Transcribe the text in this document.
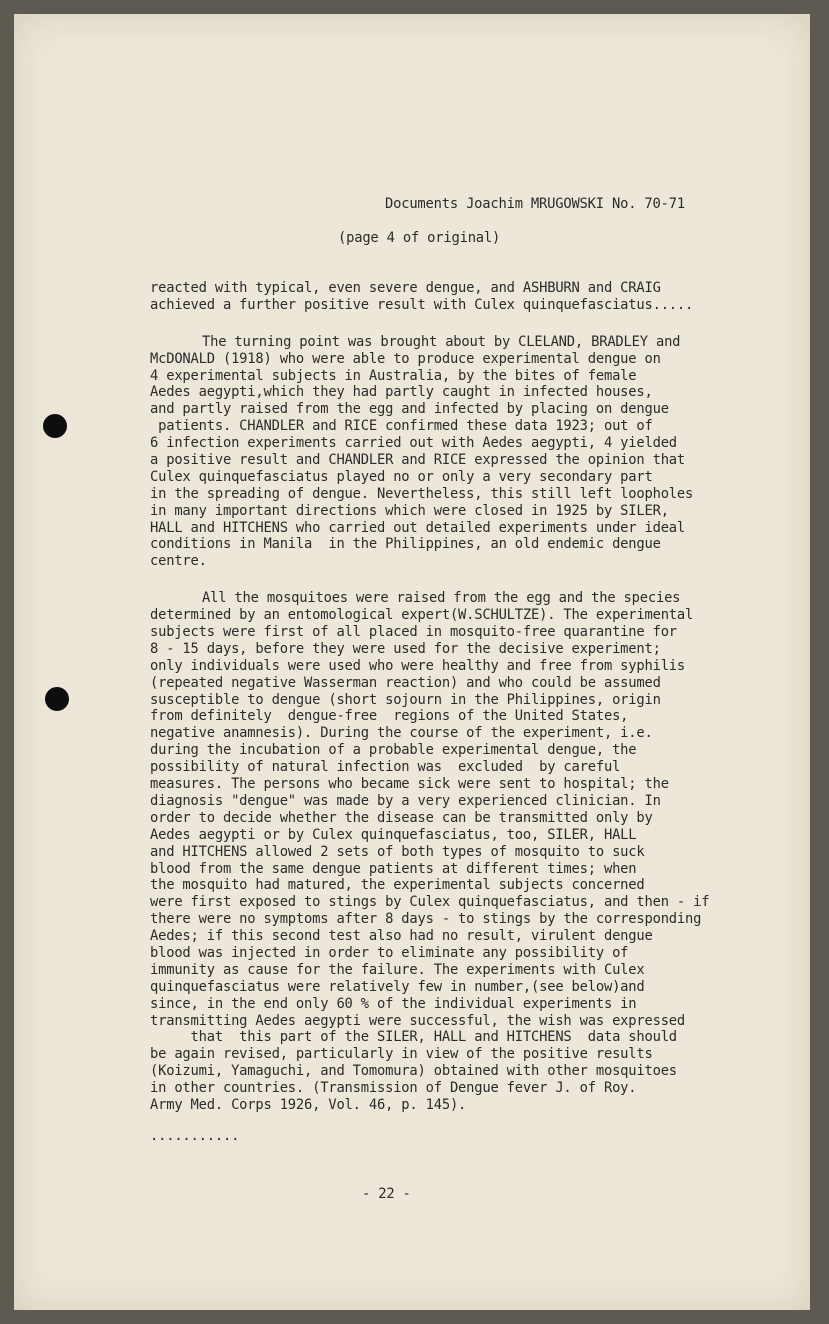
Documents Joachim MRUGOWSKI No. 70-71
(page 4 of original)
reacted with typical, even severe dengue, and ASHBURN and CRAIG
achieved a further positive result with Culex quinquefasciatus.....
The turning point was brought about by CLELAND, BRADLEY and
McDONALD (1918) who were able to produce experimental dengue on
4 experimental subjects in Australia, by the bites of female
Aedes aegypti,which they had partly caught in infected houses,
and partly raised from the egg and infected by placing on dengue
patients. CHANDLER and RICE confirmed these data 1923; out of
6 infection experiments carried out with Aedes aegypti, 4 yielded
a positive result and CHANDLER and RICE expressed the opinion that
Culex quinquefasciatus played no or only a very secondary part
in the spreading of dengue. Nevertheless, this still left loopholes
in many important directions which were closed in 1925 by SILER,
HALL and HITCHENS who carried out detailed experiments under ideal
conditions in Manila  in the Philippines, an old endemic dengue
centre.
All the mosquitoes were raised from the egg and the species
determined by an entomological expert(W.SCHULTZE). The experimental
subjects were first of all placed in mosquito-free quarantine for
8 - 15 days, before they were used for the decisive experiment;
only individuals were used who were healthy and free from syphilis
(repeated negative Wasserman reaction) and who could be assumed
susceptible to dengue (short sojourn in the Philippines, origin
from definitely  dengue-free  regions of the United States,
negative anamnesis). During the course of the experiment, i.e.
during the incubation of a probable experimental dengue, the
possibility of natural infection was  excluded  by careful
measures. The persons who became sick were sent to hospital; the
diagnosis "dengue" was made by a very experienced clinician. In
order to decide whether the disease can be transmitted only by
Aedes aegypti or by Culex quinquefasciatus, too, SILER, HALL
and HITCHENS allowed 2 sets of both types of mosquito to suck
blood from the same dengue patients at different times; when
the mosquito had matured, the experimental subjects concerned
were first exposed to stings by Culex quinquefasciatus, and then - if
there were no symptoms after 8 days - to stings by the corresponding
Aedes; if this second test also had no result, virulent dengue
blood was injected in order to eliminate any possibility of
immunity as cause for the failure. The experiments with Culex
quinquefasciatus were relatively few in number,(see below)and
since, in the end only 60 % of the individual experiments in
transmitting Aedes aegypti were successful, the wish was expressed
that  this part of the SILER, HALL and HITCHENS  data should
be again revised, particularly in view of the positive results
(Koizumi, Yamaguchi, and Tomomura) obtained with other mosquitoes
in other countries. (Transmission of Dengue fever J. of Roy.
Army Med. Corps 1926, Vol. 46, p. 145).
...........
- 22 -
